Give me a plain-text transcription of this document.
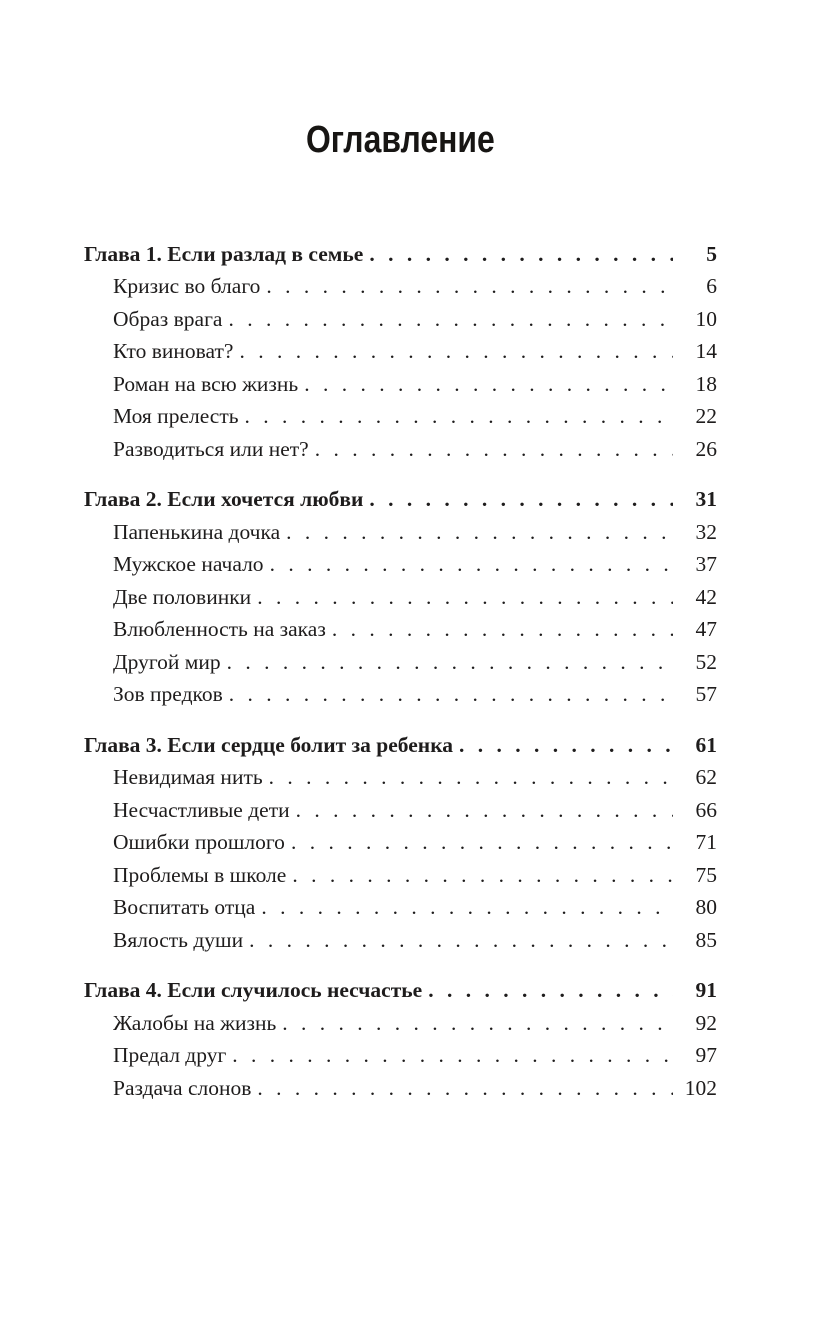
Оглавление
Глава 1. Если разлад в семье . . .	5
Кризис во благо . . .	6
Образ врага . . .	10
Кто виноват? . . .	14
Роман на всю жизнь . . .	18
Моя прелесть . . .	22
Разводиться или нет? . . .	26
Глава 2. Если хочется любви . . .	31
Папенькина дочка . . .	32
Мужское начало . . .	37
Две половинки . . .	42
Влюбленность на заказ . . .	47
Другой мир . . .	52
Зов предков . . .	57
Глава 3. Если сердце болит за ребенка . . .	61
Невидимая нить . . .	62
Несчастливые дети . . .	66
Ошибки прошлого . . .	71
Проблемы в школе . . .	75
Воспитать отца . . .	80
Вялость души . . .	85
Глава 4. Если случилось несчастье . . .	91
Жалобы на жизнь . . .	92
Предал друг . . .	97
Раздача слонов . . .	102
